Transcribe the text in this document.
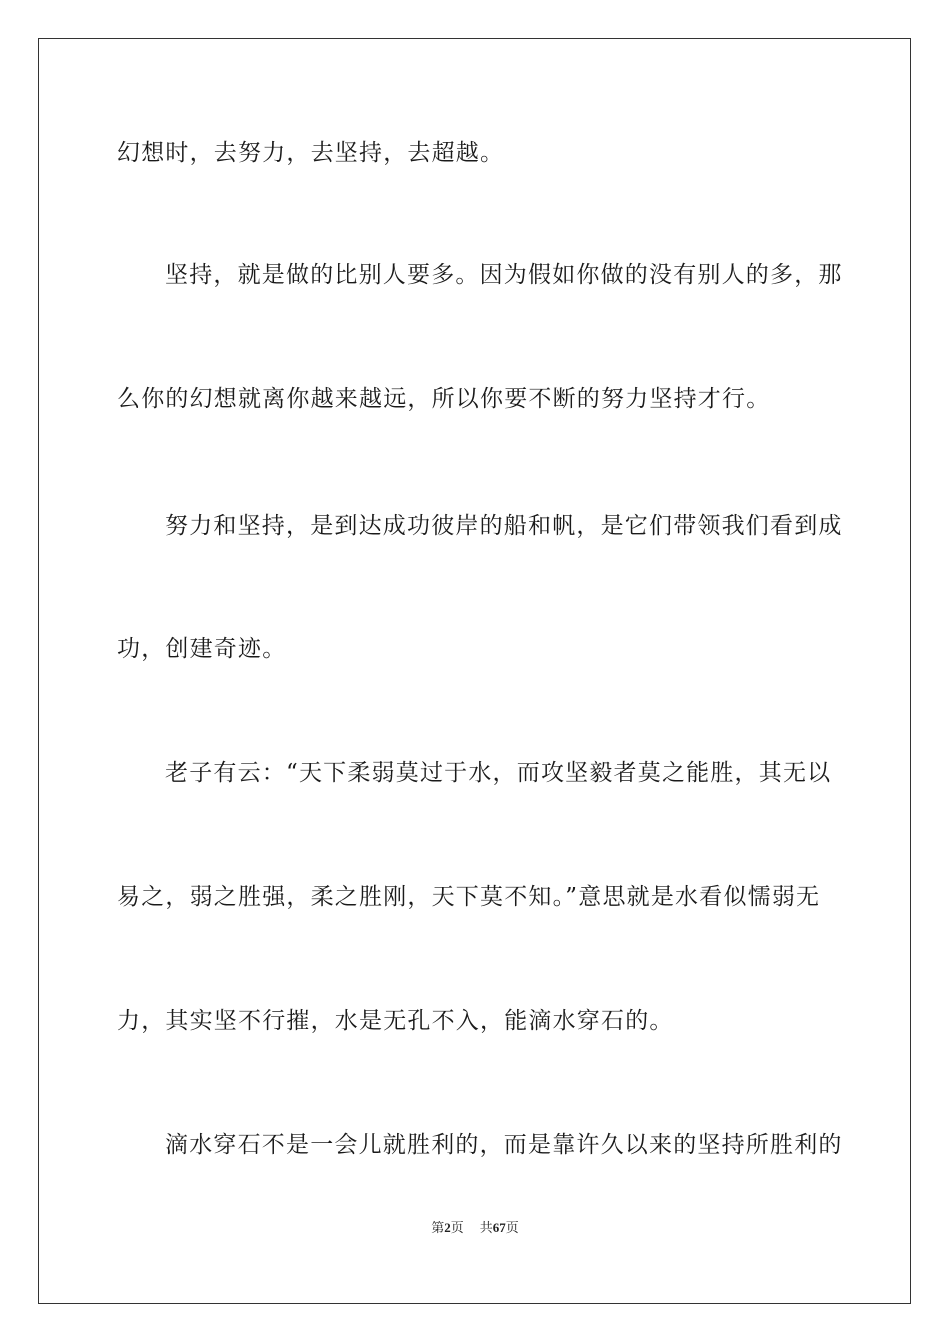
幻想时，去努力，去坚持，去超越。
坚持，就是做的比别人要多。因为假如你做的没有别人的多，那
么你的幻想就离你越来越远，所以你要不断的努力坚持才行。
努力和坚持，是到达成功彼岸的船和帆，是它们带领我们看到成
功，创建奇迹。
老子有云：“天下柔弱莫过于水，而攻坚毅者莫之能胜，其无以
易之，弱之胜强，柔之胜刚，天下莫不知。”意思就是水看似懦弱无
力，其实坚不行摧，水是无孔不入，能滴水穿石的。
滴水穿石不是一会儿就胜利的，而是靠许久以来的坚持所胜利的
第2页 共67页
